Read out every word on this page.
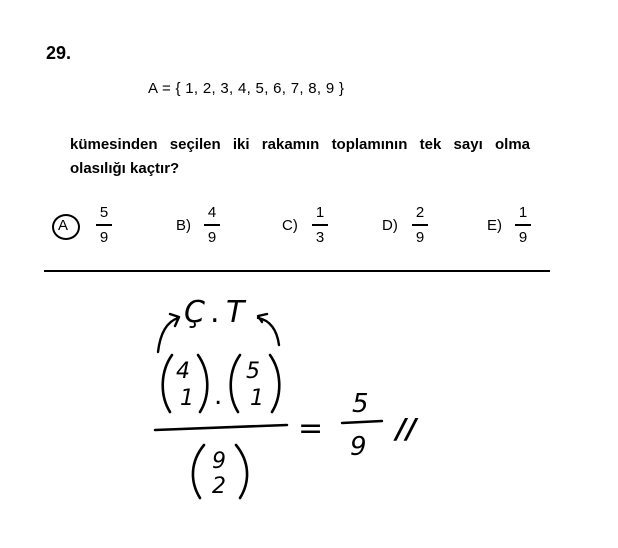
29.
A = { 1, 2, 3, 4, 5, 6, 7, 8, 9 }
kümesinden seçilen iki rakamın toplamının tek sayı olma olasılığı kaçtır?
A
5
9
B)
4
9
C)
1
3
D)
2
9
E)
1
9
Ç . T
4
1 .
5
1
9
2
=
5
9
//
